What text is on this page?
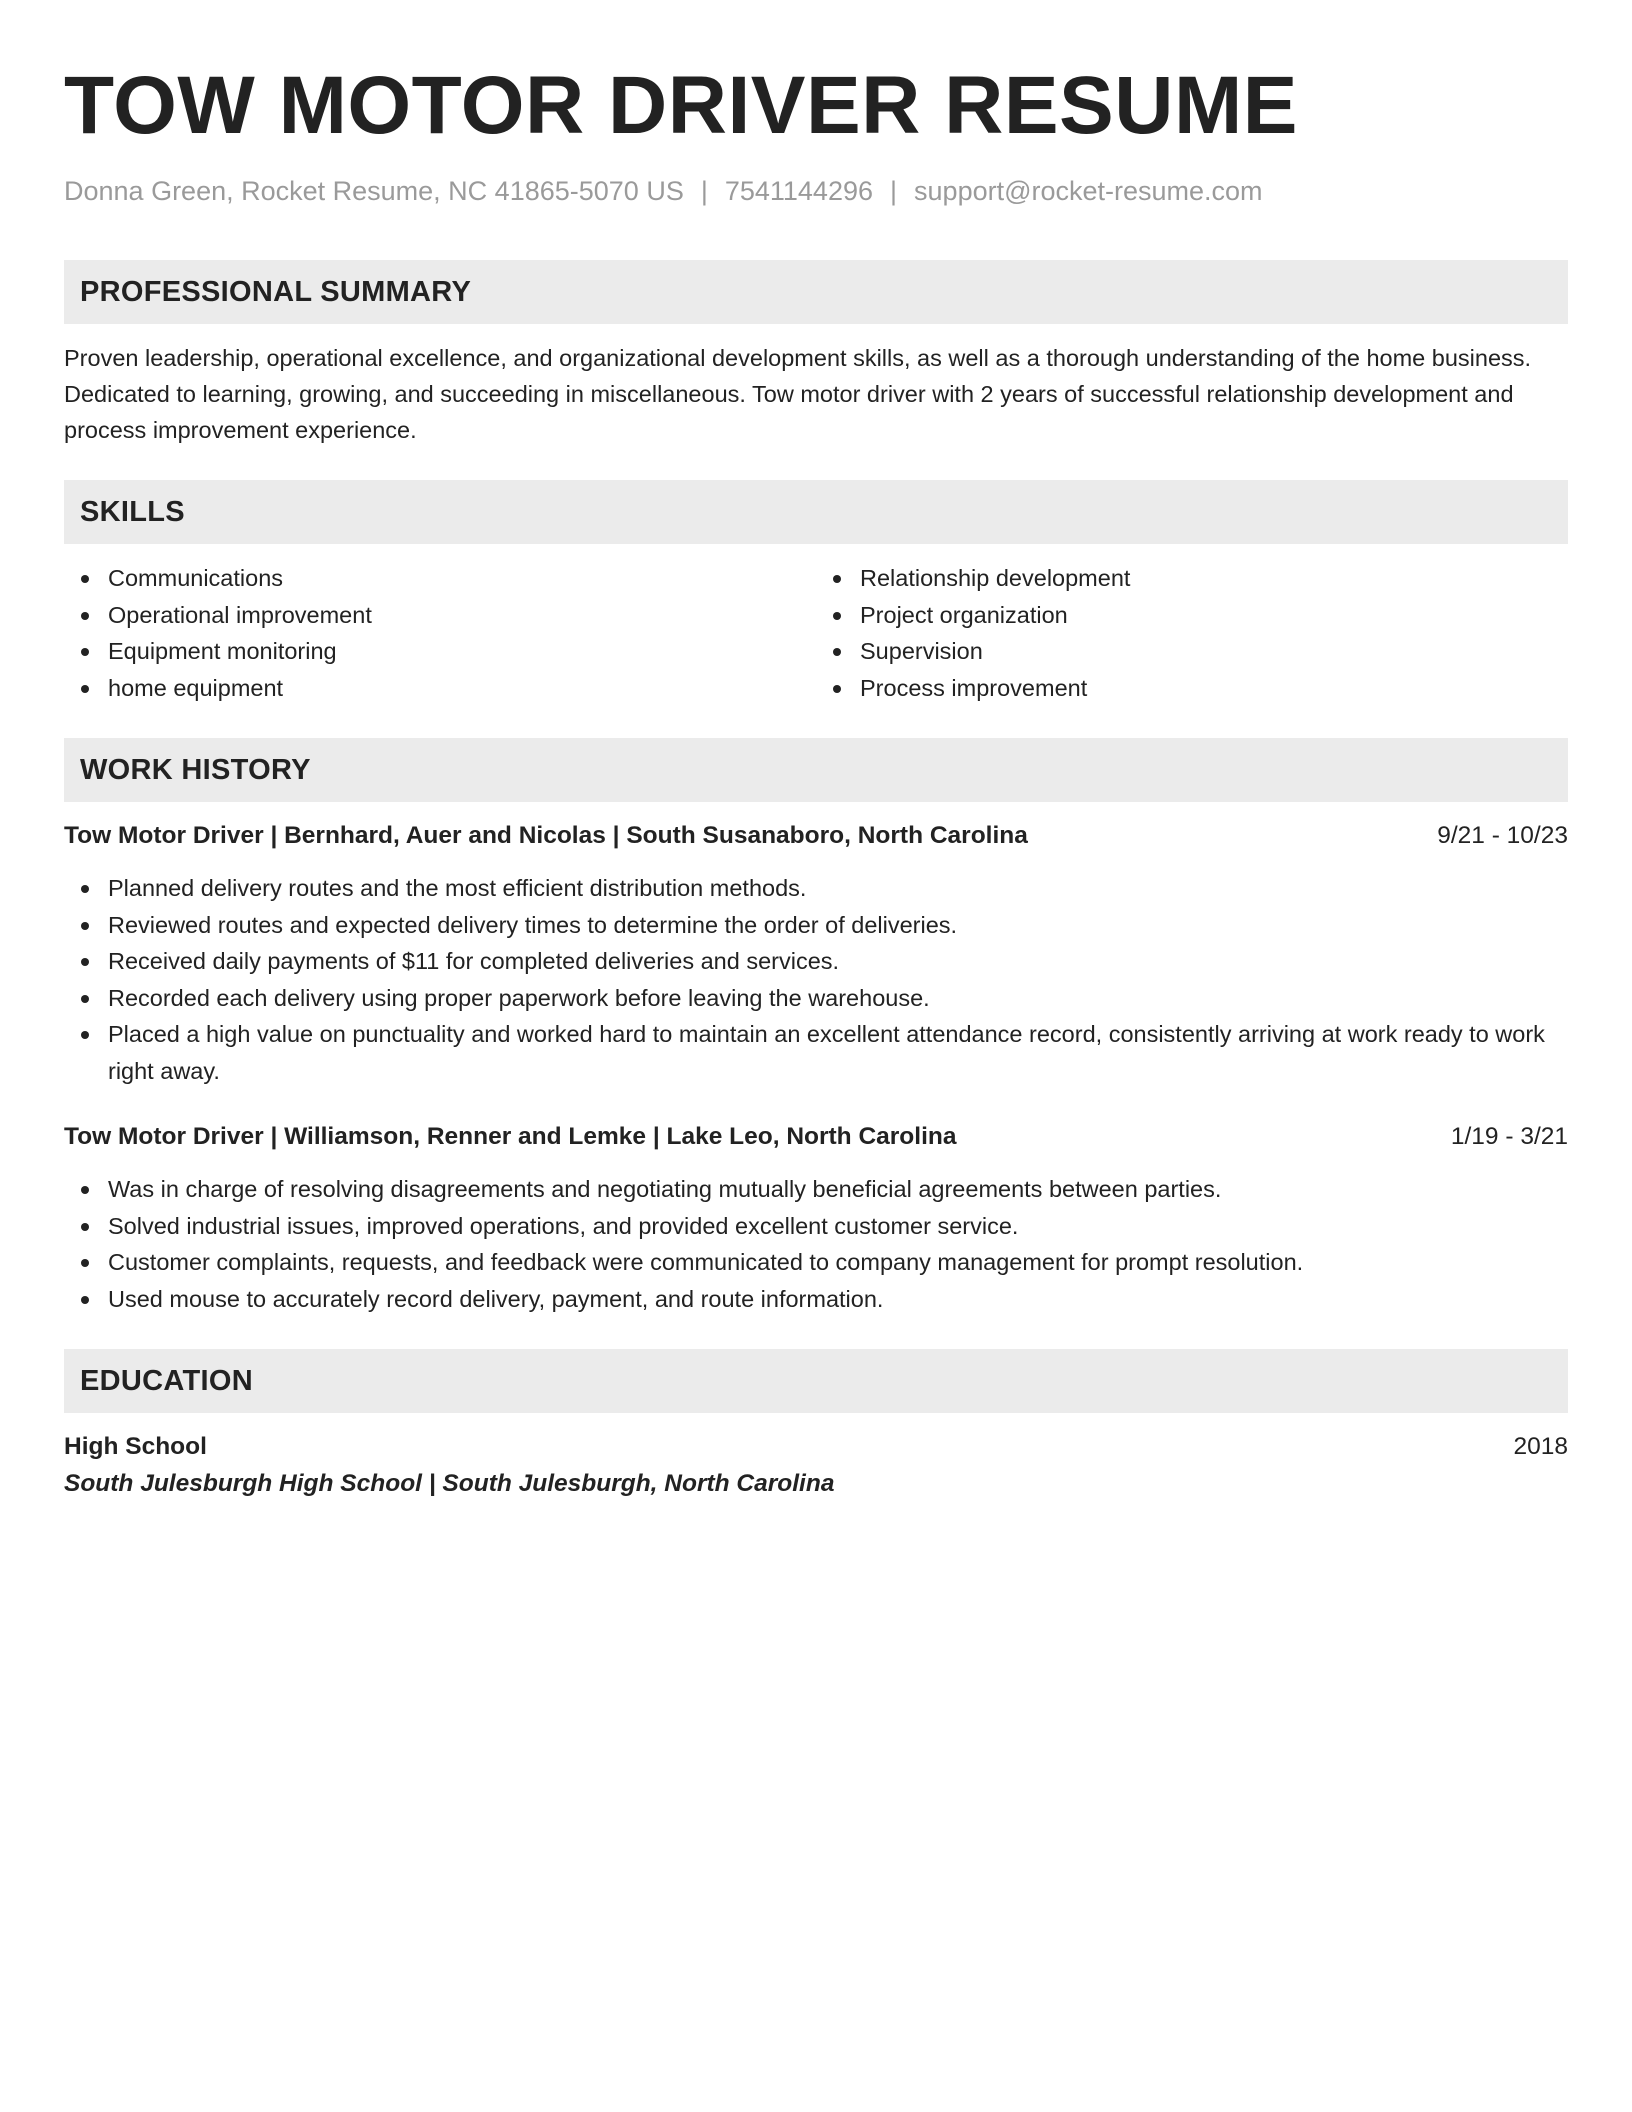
TOW MOTOR DRIVER RESUME
Donna Green, Rocket Resume, NC 41865-5070 US | 7541144296 | support@rocket-resume.com
PROFESSIONAL SUMMARY
Proven leadership, operational excellence, and organizational development skills, as well as a thorough understanding of the home business. Dedicated to learning, growing, and succeeding in miscellaneous. Tow motor driver with 2 years of successful relationship development and process improvement experience.
SKILLS
Communications
Operational improvement
Equipment monitoring
home equipment
Relationship development
Project organization
Supervision
Process improvement
WORK HISTORY
Tow Motor Driver | Bernhard, Auer and Nicolas | South Susanaboro, North Carolina	9/21 - 10/23
Planned delivery routes and the most efficient distribution methods.
Reviewed routes and expected delivery times to determine the order of deliveries.
Received daily payments of $11 for completed deliveries and services.
Recorded each delivery using proper paperwork before leaving the warehouse.
Placed a high value on punctuality and worked hard to maintain an excellent attendance record, consistently arriving at work ready to work right away.
Tow Motor Driver | Williamson, Renner and Lemke | Lake Leo, North Carolina	1/19 - 3/21
Was in charge of resolving disagreements and negotiating mutually beneficial agreements between parties.
Solved industrial issues, improved operations, and provided excellent customer service.
Customer complaints, requests, and feedback were communicated to company management for prompt resolution.
Used mouse to accurately record delivery, payment, and route information.
EDUCATION
High School	2018
South Julesburgh High School | South Julesburgh, North Carolina
